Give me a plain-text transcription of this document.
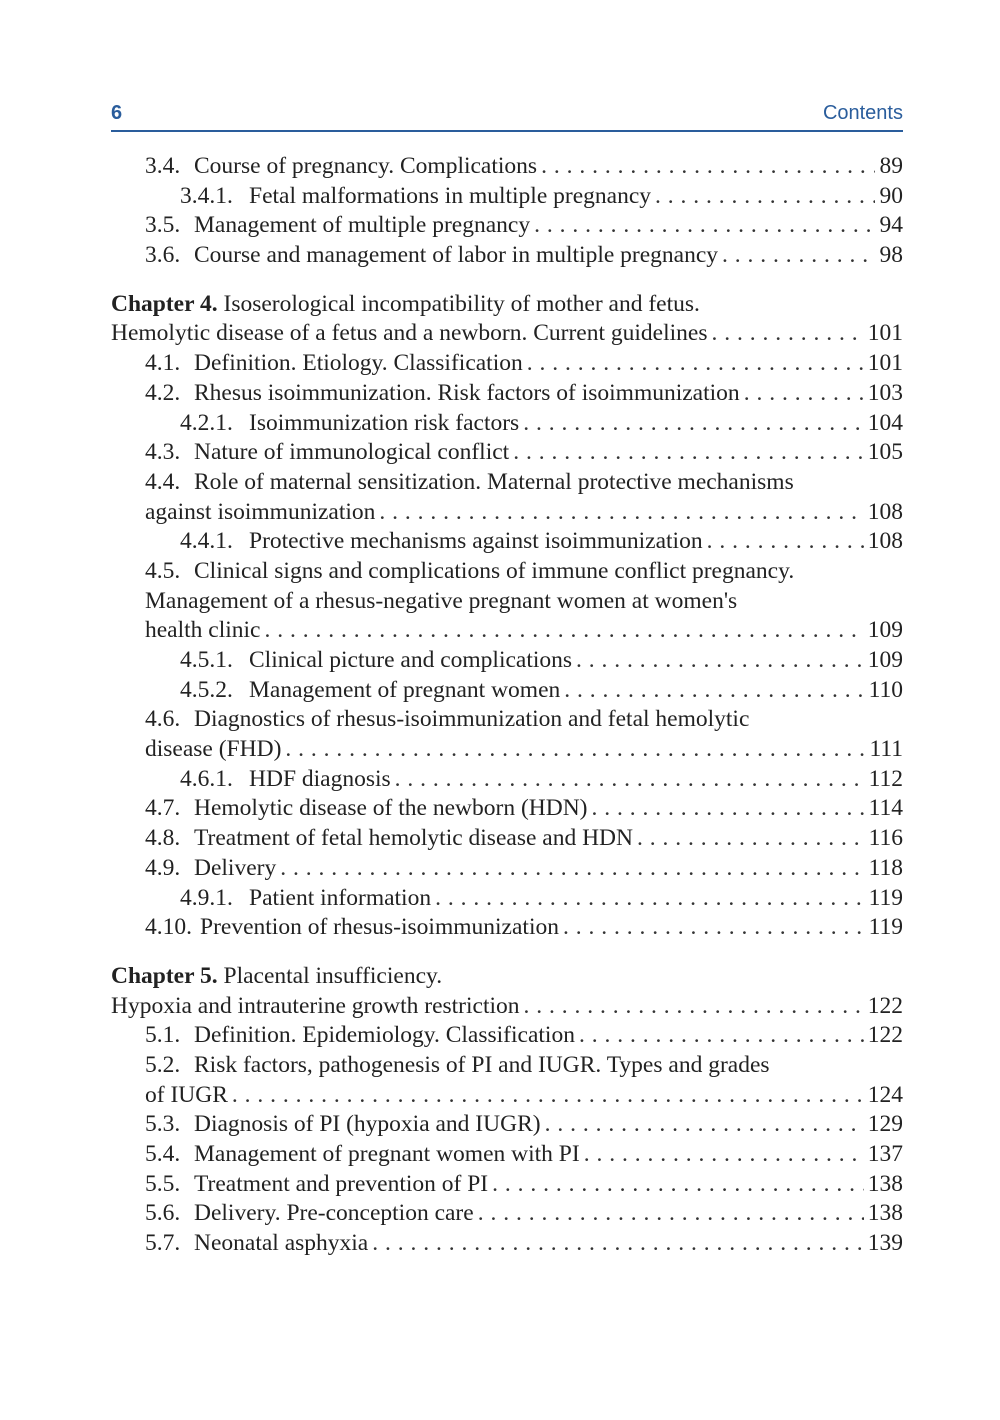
6	Contents
3.4. Course of pregnancy. Complications . . .	89
3.4.1. Fetal malformations in multiple pregnancy . . .	90
3.5. Management of multiple pregnancy . . .	94
3.6. Course and management of labor in multiple pregnancy . . .	98
Chapter 4. Isoserological incompatibility of mother and fetus.
Hemolytic disease of a fetus and a newborn. Current guidelines . . .	101
4.1. Definition. Etiology. Classification . . .	101
4.2. Rhesus isoimmunization. Risk factors of isoimmunization . . .	103
4.2.1. Isoimmunization risk factors . . .	104
4.3. Nature of immunological conflict . . .	105
4.4. Role of maternal sensitization. Maternal protective mechanisms
against isoimmunization . . .	108
4.4.1. Protective mechanisms against isoimmunization . . .	108
4.5. Clinical signs and complications of immune conflict pregnancy.
Management of a rhesus-negative pregnant women at women's
health clinic . . .	109
4.5.1. Clinical picture and complications . . .	109
4.5.2. Management of pregnant women . . .	110
4.6. Diagnostics of rhesus-isoimmunization and fetal hemolytic
disease (FHD) . . .	111
4.6.1. HDF diagnosis . . .	112
4.7. Hemolytic disease of the newborn (HDN) . . .	114
4.8. Treatment of fetal hemolytic disease and HDN . . .	116
4.9. Delivery . . .	118
4.9.1. Patient information . . .	119
4.10. Prevention of rhesus-isoimmunization . . .	119
Chapter 5. Placental insufficiency.
Hypoxia and intrauterine growth restriction . . .	122
5.1. Definition. Epidemiology. Classification . . .	122
5.2. Risk factors, pathogenesis of PI and IUGR. Types and grades
of IUGR . . .	124
5.3. Diagnosis of PI (hypoxia and IUGR) . . .	129
5.4. Management of pregnant women with PI . . .	137
5.5. Treatment and prevention of PI . . .	138
5.6. Delivery. Pre-conception care . . .	138
5.7. Neonatal asphyxia . . .	139
